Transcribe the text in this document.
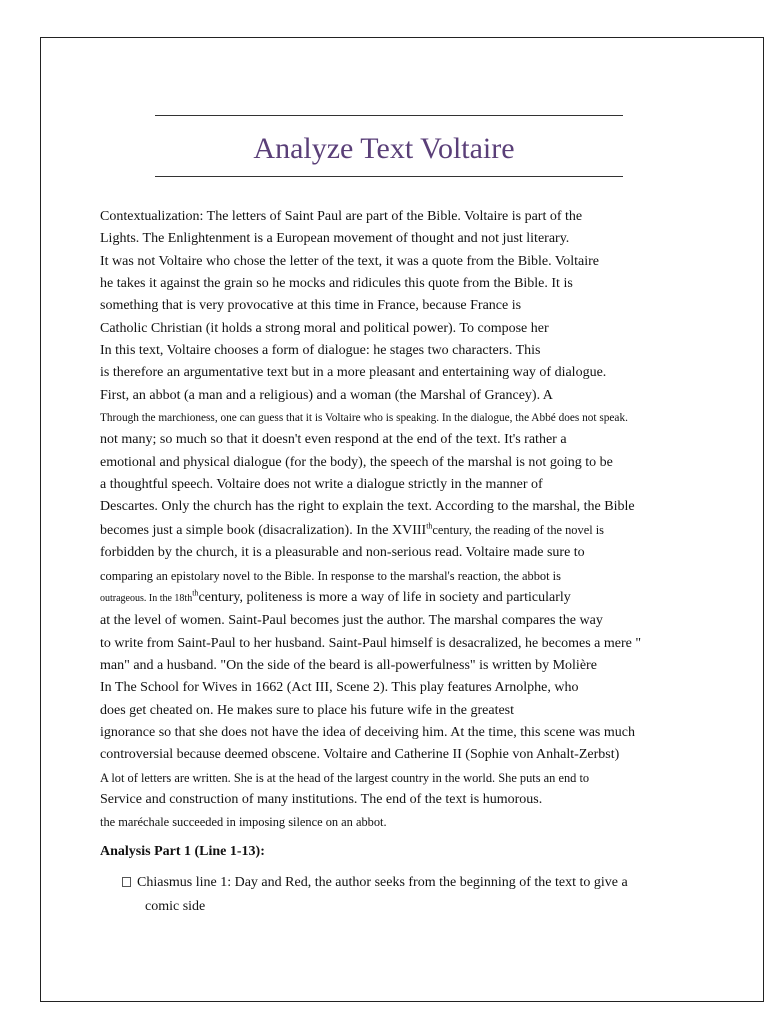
Analyze Text Voltaire
Contextualization: The letters of Saint Paul are part of the Bible. Voltaire is part of the
Lights. The Enlightenment is a European movement of thought and not just literary.
It was not Voltaire who chose the letter of the text, it was a quote from the Bible. Voltaire
he takes it against the grain so he mocks and ridicules this quote from the Bible. It is
something that is very provocative at this time in France, because France is
Catholic Christian (it holds a strong moral and political power). To compose her
In this text, Voltaire chooses a form of dialogue: he stages two characters. This
is therefore an argumentative text but in a more pleasant and entertaining way of dialogue.
First, an abbot (a man and a religious) and a woman (the Marshal of Grancey). A
Through the marchioness, one can guess that it is Voltaire who is speaking. In the dialogue, the Abbé does not speak.
not many; so much so that it doesn't even respond at the end of the text. It's rather a
emotional and physical dialogue (for the body), the speech of the marshal is not going to be
a thoughtful speech. Voltaire does not write a dialogue strictly in the manner of
Descartes. Only the church has the right to explain the text. According to the marshal, the Bible
becomes just a simple book (disacralization). In the XVIIIthcentury, the reading of the novel is
forbidden by the church, it is a pleasurable and non-serious read. Voltaire made sure to
comparing an epistolary novel to the Bible. In response to the marshal's reaction, the abbot is
outrageous. In the $18th^{th}century$, politeness is more a way of life in society and particularly
at the level of women. Saint-Paul becomes just the author. The marshal compares the way
to write from Saint-Paul to her husband. Saint-Paul himself is desacralized, he becomes a mere "
man" and a husband. "On the side of the beard is all-powerfulness" is written by Molière
In The School for Wives in 1662 (Act III, Scene 2). This play features Arnolphe, who
does get cheated on. He makes sure to place his future wife in the greatest
ignorance so that she does not have the idea of deceiving him. At the time, this scene was much
controversial because deemed obscene. Voltaire and Catherine II (Sophie von Anhalt-Zerbst)
A lot of letters are written. She is at the head of the largest country in the world. She puts an end to
Service and construction of many institutions. The end of the text is humorous.
the maréchale succeeded in imposing silence on an abbot.
Analysis Part 1 (Line 1-13):
Chiasmus line 1: Day and Red, the author seeks from the beginning of the text to give a
comic side
